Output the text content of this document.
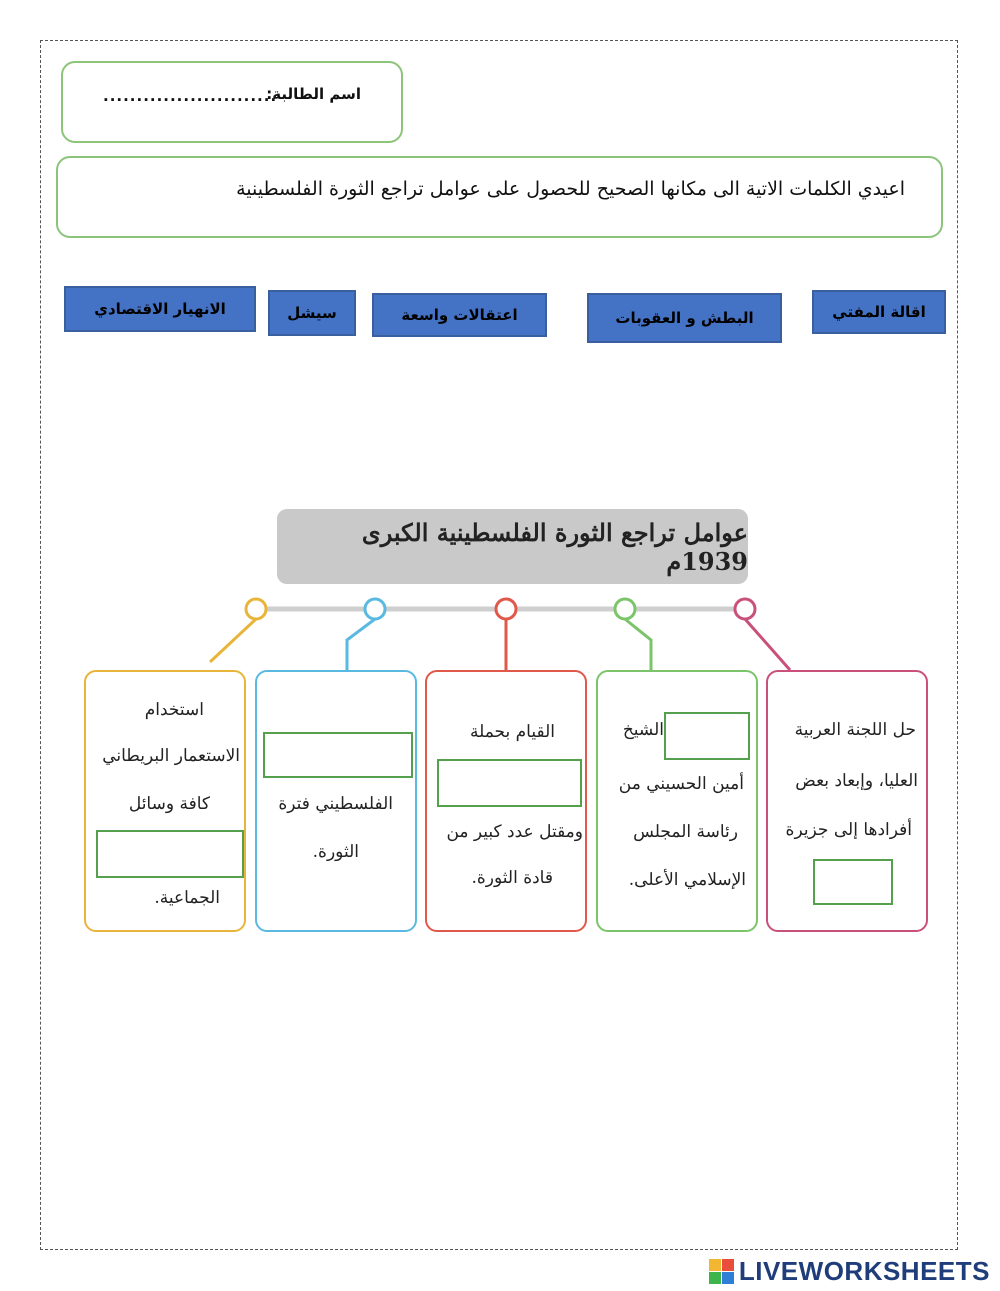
اسم الطالبة:
..........................
اعيدي الكلمات الاتية الى مكانها الصحيح للحصول على عوامل تراجع الثورة الفلسطينية
اقالة المفتي
البطش و العقوبات
اعتقالات واسعة
سيشل
الانهيار الاقتصادي
عوامل تراجع الثورة الفلسطينية الكبرى 1939م
حل اللجنة العربية
العليا، وإبعاد بعض
أفرادها إلى جزيرة
الشيخ
أمين الحسيني من
رئاسة المجلس
الإسلامي الأعلى.
القيام بحملة
ومقتل عدد كبير من
قادة الثورة.
الفلسطيني فترة
الثورة.
استخدام
الاستعمار البريطاني
كافة وسائل
الجماعية.
LIVEWORKSHEETS
